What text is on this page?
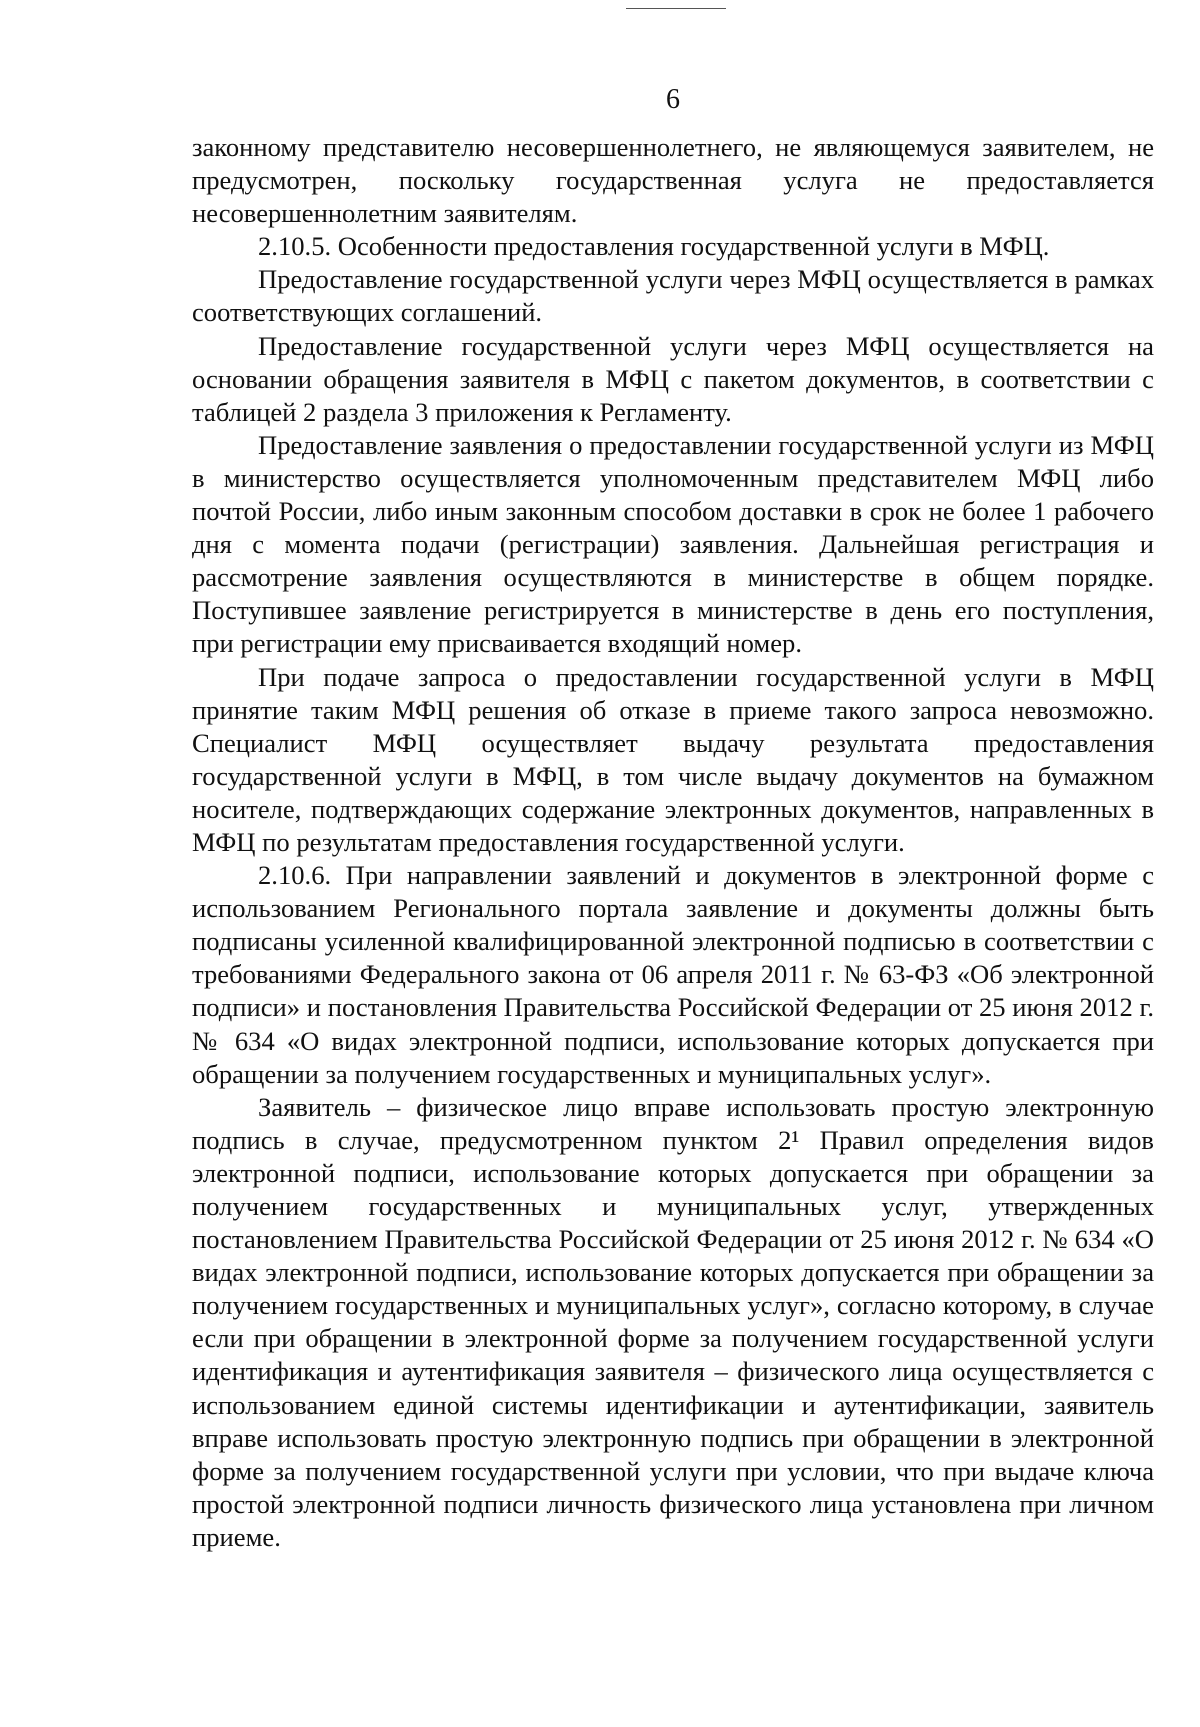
6

законному представителю несовершеннолетнего, не являющемуся заявителем, не предусмотрен, поскольку государственная услуга не предоставляется несовершеннолетним заявителям.

2.10.5. Особенности предоставления государственной услуги в МФЦ.

Предоставление государственной услуги через МФЦ осуществляется в рамках соответствующих соглашений.

Предоставление государственной услуги через МФЦ осуществляется на основании обращения заявителя в МФЦ с пакетом документов, в соответствии с таблицей 2 раздела 3 приложения к Регламенту.

Предоставление заявления о предоставлении государственной услуги из МФЦ в министерство осуществляется уполномоченным представителем МФЦ либо почтой России, либо иным законным способом доставки в срок не более 1 рабочего дня с момента подачи (регистрации) заявления. Дальнейшая регистрация и рассмотрение заявления осуществляются в министерстве в общем порядке. Поступившее заявление регистрируется в министерстве в день его поступления, при регистрации ему присваивается входящий номер.

При подаче запроса о предоставлении государственной услуги в МФЦ принятие таким МФЦ решения об отказе в приеме такого запроса невозможно. Специалист МФЦ осуществляет выдачу результата предоставления государственной услуги в МФЦ, в том числе выдачу документов на бумажном носителе, подтверждающих содержание электронных документов, направленных в МФЦ по результатам предоставления государственной услуги.

2.10.6. При направлении заявлений и документов в электронной форме с использованием Регионального портала заявление и документы должны быть подписаны усиленной квалифицированной электронной подписью в соответствии с требованиями Федерального закона от 06 апреля 2011 г. № 63-ФЗ «Об электронной подписи» и постановления Правительства Российской Федерации от 25 июня 2012 г. № 634 «О видах электронной подписи, использование которых допускается при обращении за получением государственных и муниципальных услуг».

Заявитель – физическое лицо вправе использовать простую электронную подпись в случае, предусмотренном пунктом 2¹ Правил определения видов электронной подписи, использование которых допускается при обращении за получением государственных и муниципальных услуг, утвержденных постановлением Правительства Российской Федерации от 25 июня 2012 г. № 634 «О видах электронной подписи, использование которых допускается при обращении за получением государственных и муниципальных услуг», согласно которому, в случае если при обращении в электронной форме за получением государственной услуги идентификация и аутентификация заявителя – физического лица осуществляется с использованием единой системы идентификации и аутентификации, заявитель вправе использовать простую электронную подпись при обращении в электронной форме за получением государственной услуги при условии, что при выдаче ключа простой электронной подписи личность физического лица установлена при личном приеме.
